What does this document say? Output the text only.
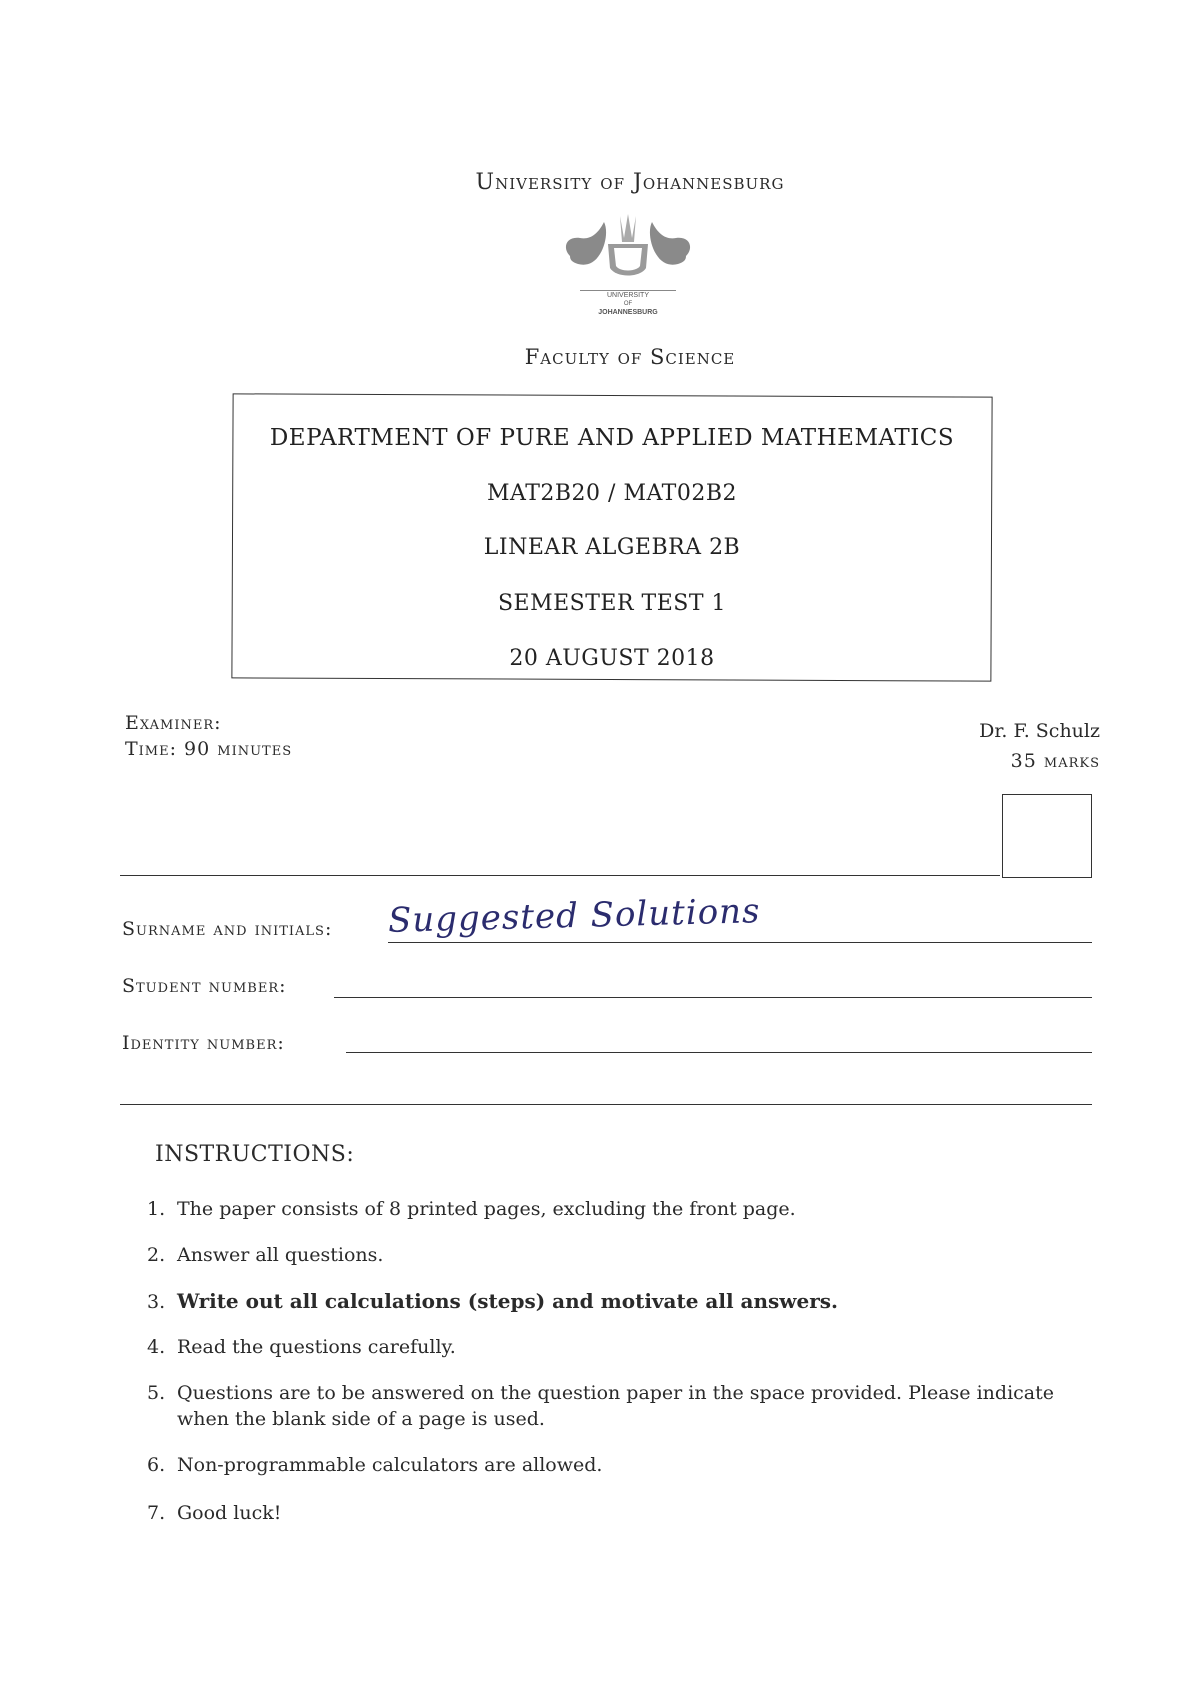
University of Johannesburg
UNIVERSITY
OF
JOHANNESBURG
Faculty of Science
DEPARTMENT OF PURE AND APPLIED MATHEMATICS
MAT2B20 / MAT02B2
LINEAR ALGEBRA 2B
SEMESTER TEST 1
20 AUGUST 2018
Examiner:
Time: 90 minutes
Dr. F. Schulz
35 marks
Surname and initials: Suggested Solutions
Student number:
Identity number:
INSTRUCTIONS:
1. The paper consists of 8 printed pages, excluding the front page.
2. Answer all questions.
3. Write out all calculations (steps) and motivate all answers.
4. Read the questions carefully.
5. Questions are to be answered on the question paper in the space provided. Please indicate when the blank side of a page is used.
6. Non-programmable calculators are allowed.
7. Good luck!
